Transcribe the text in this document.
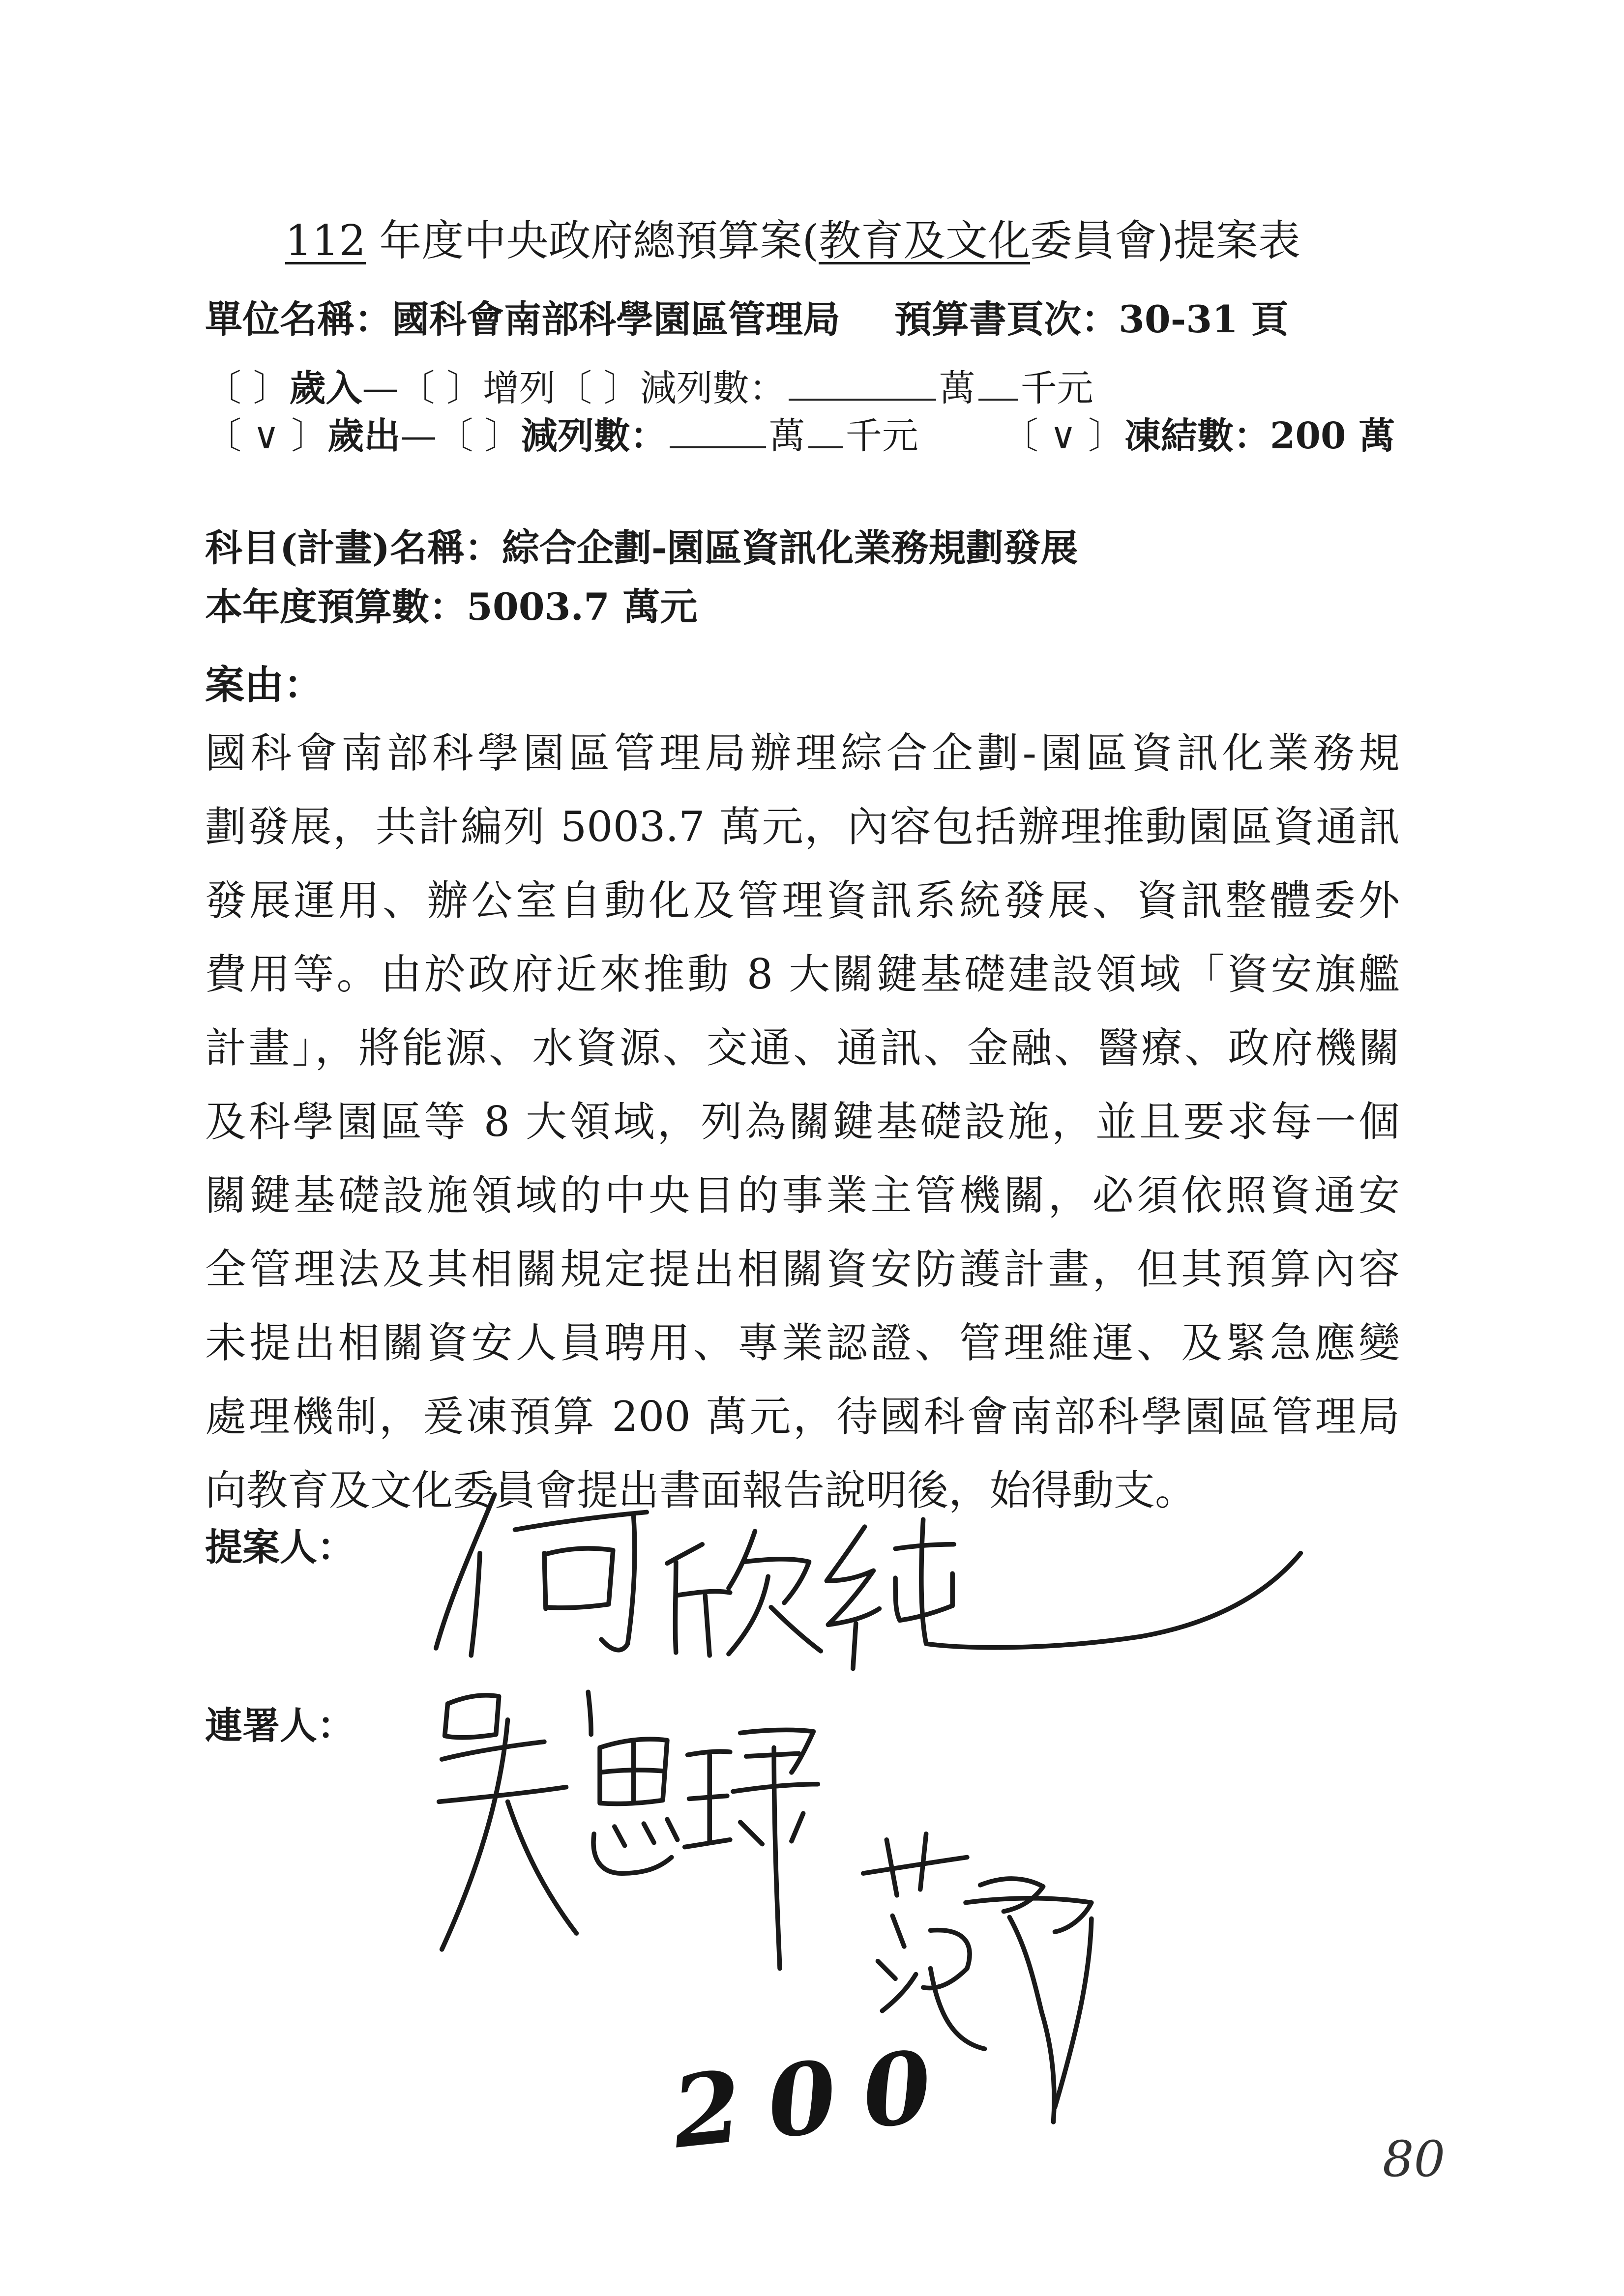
112 年度中央政府總預算案(教育及文化委員會)提案表
單位名稱：國科會南部科學園區管理局 預算書頁次：30-31 頁
〔 〕歲入—〔 〕增列〔 〕減列數：	萬 千元
〔 ∨ 〕歲出—〔 〕減列數：	萬 千元 〔 ∨ 〕凍結數：200 萬
科目(計畫)名稱：綜合企劃-園區資訊化業務規劃發展
本年度預算數：5003.7 萬元
案由：
國科會南部科學園區管理局辦理綜合企劃-園區資訊化業務規
劃發展，共計編列 5003.7 萬元，內容包括辦理推動園區資通訊
發展運用、辦公室自動化及管理資訊系統發展、資訊整體委外
費用等。由於政府近來推動 8 大關鍵基礎建設領域「資安旗艦
計畫」，將能源、水資源、交通、通訊、金融、醫療、政府機關
及科學園區等 8 大領域，列為關鍵基礎設施，並且要求每一個
關鍵基礎設施領域的中央目的事業主管機關，必須依照資通安
全管理法及其相關規定提出相關資安防護計畫，但其預算內容
未提出相關資安人員聘用、專業認證、管理維運、及緊急應變
處理機制，爰凍預算 200 萬元，待國科會南部科學園區管理局
向教育及文化委員會提出書面報告說明後，始得動支。
提案人：
連署人：
200	80
